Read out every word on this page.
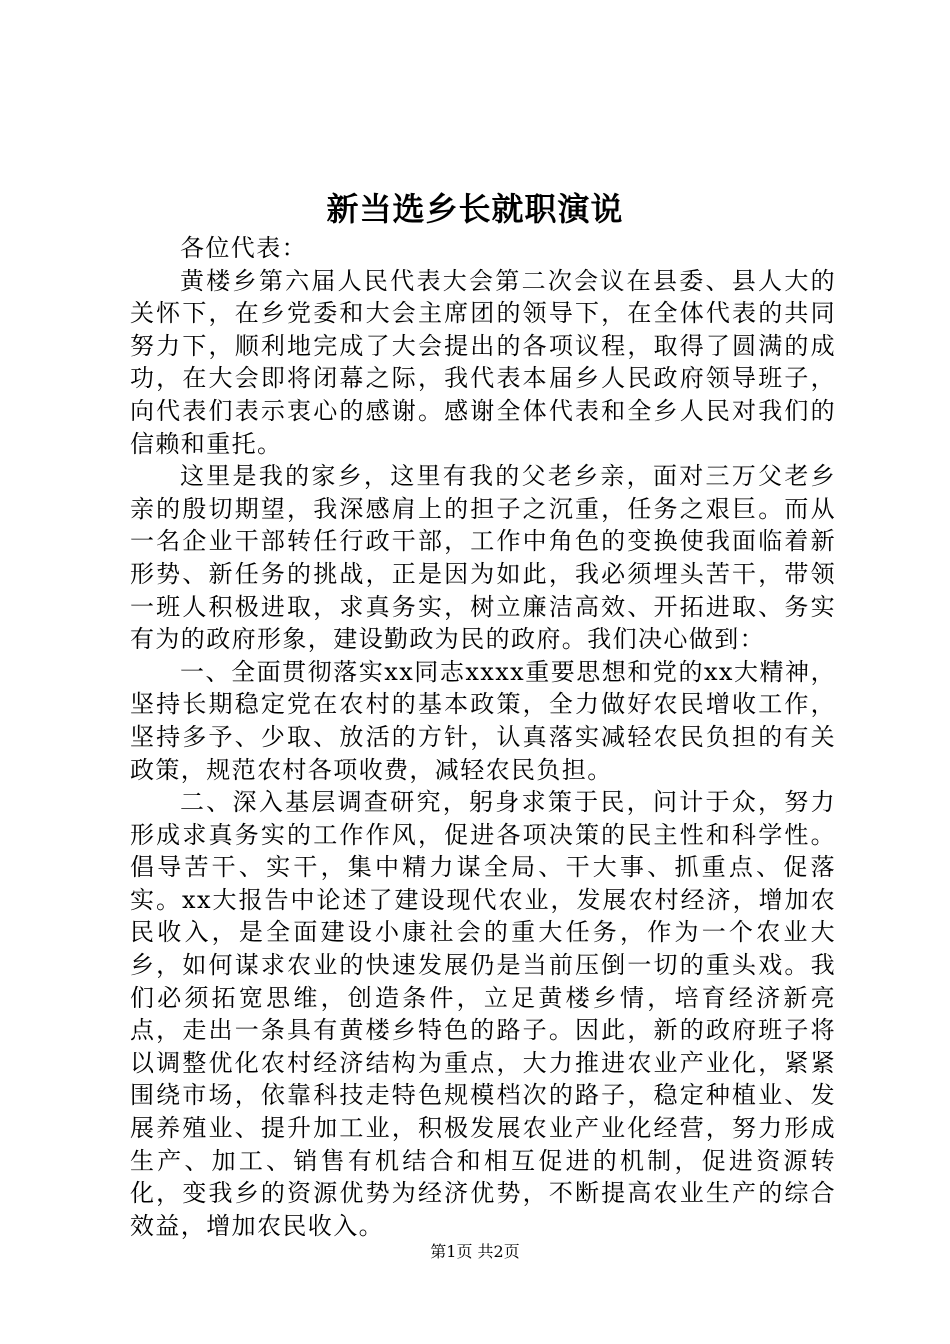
新当选乡长就职演说

各位代表：

黄楼乡第六届人民代表大会第二次会议在县委、县人大的关怀下，在乡党委和大会主席团的领导下，在全体代表的共同努力下，顺利地完成了大会提出的各项议程，取得了圆满的成功，在大会即将闭幕之际，我代表本届乡人民政府领导班子，向代表们表示衷心的感谢。感谢全体代表和全乡人民对我们的信赖和重托。

这里是我的家乡，这里有我的父老乡亲，面对三万父老乡亲的殷切期望，我深感肩上的担子之沉重，任务之艰巨。而从一名企业干部转任行政干部，工作中角色的变换使我面临着新形势、新任务的挑战，正是因为如此，我必须埋头苦干，带领一班人积极进取，求真务实，树立廉洁高效、开拓进取、务实有为的政府形象，建设勤政为民的政府。我们决心做到：

一、全面贯彻落实xx同志xxxx重要思想和党的xx大精神，坚持长期稳定党在农村的基本政策，全力做好农民增收工作，坚持多予、少取、放活的方针，认真落实减轻农民负担的有关政策，规范农村各项收费，减轻农民负担。

二、深入基层调查研究，躬身求策于民，问计于众，努力形成求真务实的工作作风，促进各项决策的民主性和科学性。倡导苦干、实干，集中精力谋全局、干大事、抓重点、促落实。xx大报告中论述了建设现代农业，发展农村经济，增加农民收入，是全面建设小康社会的重大任务，作为一个农业大乡，如何谋求农业的快速发展仍是当前压倒一切的重头戏。我们必须拓宽思维，创造条件，立足黄楼乡情，培育经济新亮点，走出一条具有黄楼乡特色的路子。因此，新的政府班子将以调整优化农村经济结构为重点，大力推进农业产业化，紧紧围绕市场，依靠科技走特色规模档次的路子，稳定种植业、发展养殖业、提升加工业，积极发展农业产业化经营，努力形成生产、加工、销售有机结合和相互促进的机制，促进资源转化，变我乡的资源优势为经济优势，不断提高农业生产的综合效益，增加农民收入。

第1页 共2页
